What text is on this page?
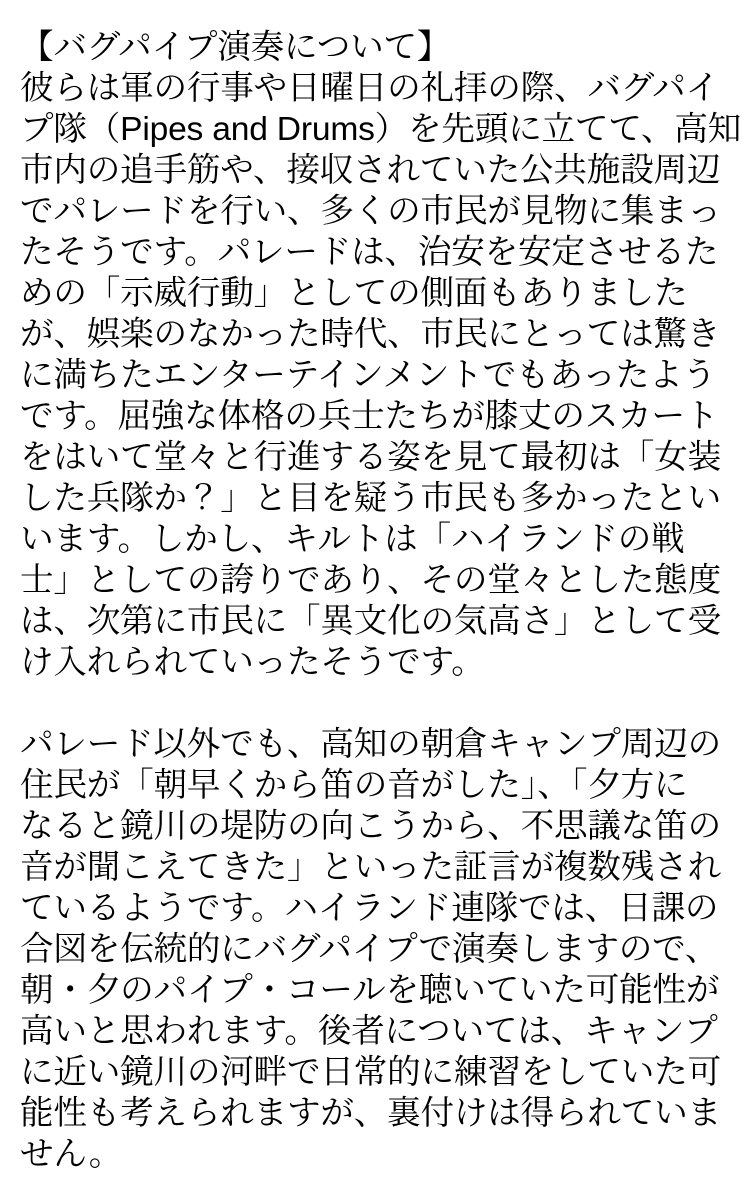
【バグパイプ演奏について】
彼らは軍の行事や日曜日の礼拝の際、バグパイ
プ隊（Pipes and Drums）を先頭に立てて、高知
市内の追手筋や、接収されていた公共施設周辺
でパレードを行い、多くの市民が見物に集まっ
たそうです。パレードは、治安を安定させるた
めの「示威行動」としての側面もありました
が、娯楽のなかった時代、市民にとっては驚き
に満ちたエンターテインメントでもあったよう
です。屈強な体格の兵士たちが膝丈のスカート
をはいて堂々と行進する姿を見て最初は「女装
した兵隊か？」と目を疑う市民も多かったとい
います。しかし、キルトは「ハイランドの戦
士」としての誇りであり、その堂々とした態度
は、次第に市民に「異文化の気高さ」として受
け入れられていったそうです。
パレード以外でも、高知の朝倉キャンプ周辺の
住民が「朝早くから笛の音がした」、「夕方に
なると鏡川の堤防の向こうから、不思議な笛の
音が聞こえてきた」といった証言が複数残され
ているようです。ハイランド連隊では、日課の
合図を伝統的にバグパイプで演奏しますので、
朝・夕のパイプ・コールを聴いていた可能性が
高いと思われます。後者については、キャンプ
に近い鏡川の河畔で日常的に練習をしていた可
能性も考えられますが、裏付けは得られていま
せん。
